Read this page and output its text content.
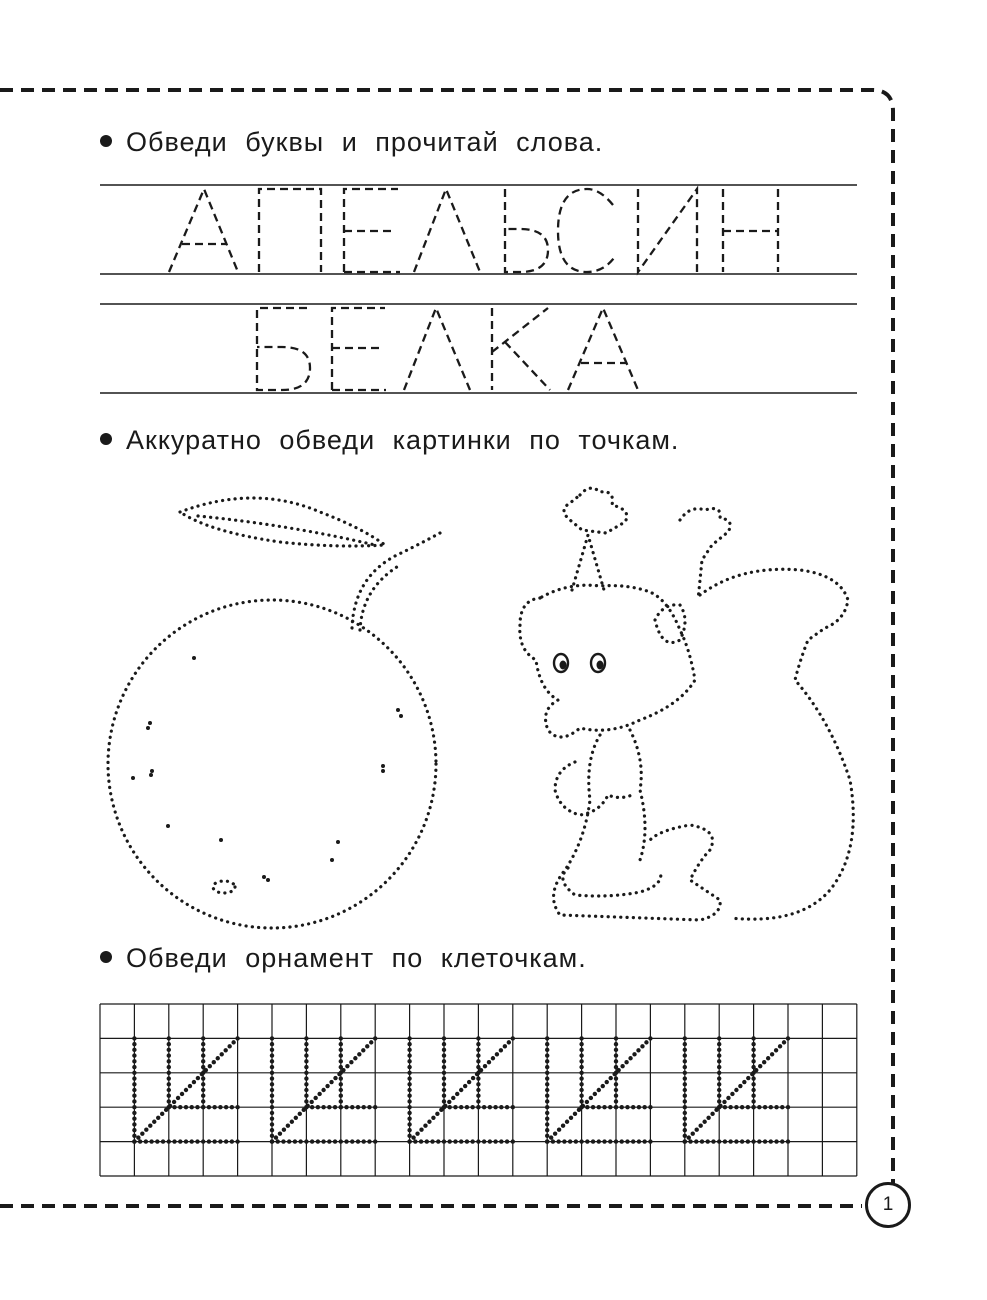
Обведи буквы и прочитай слова.
Аккуратно обведи картинки по точкам.
Обведи орнамент по клеточкам.
1
